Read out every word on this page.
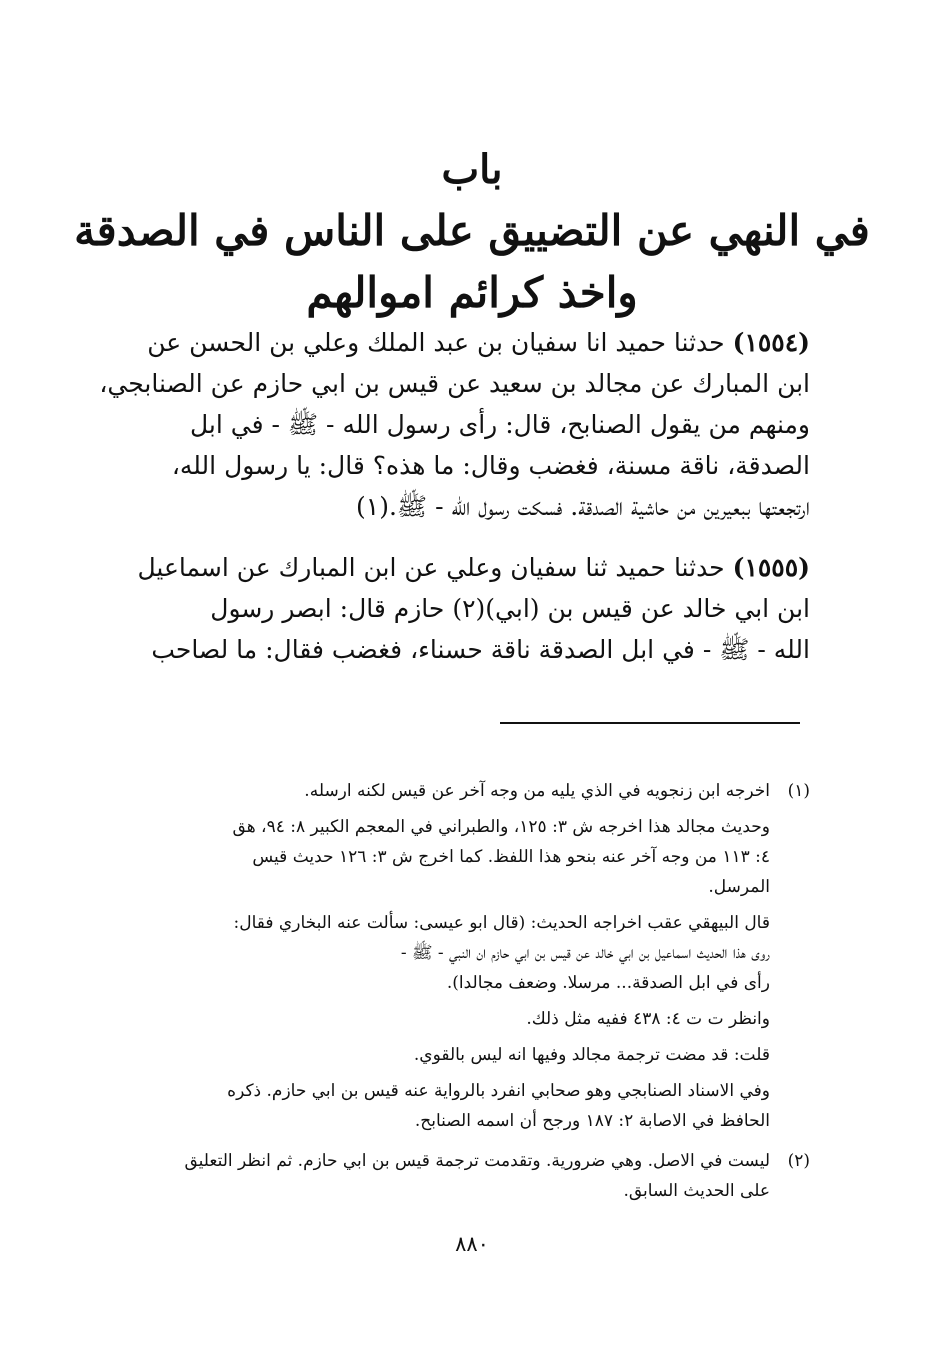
باب
في النهي عن التضييق على الناس في الصدقة
واخذ كرائم اموالهم
(١٥٥٤) حدثنا حميد انا سفيان بن عبد الملك وعلي بن الحسن عن
ابن المبارك عن مجالد بن سعيد عن قيس بن ابي حازم عن الصنابجي،
ومنهم من يقول الصنابح، قال: رأى رسول الله - ﷺ - في ابل
الصدقة، ناقة مسنة، فغضب وقال: ما هذه؟ قال: يا رسول الله،
ارتجعتها ببعيرين من حاشية الصدقة. فسكت رسول الله - ﷺ.(١)
(١٥٥٥) حدثنا حميد ثنا سفيان وعلي عن ابن المبارك عن اسماعيل
ابن ابي خالد عن قيس بن (ابي)(٢) حازم قال: ابصر رسول
الله - ﷺ - في ابل الصدقة ناقة حسناء، فغضب فقال: ما لصاحب
(١)
اخرجه ابن زنجويه في الذي يليه من وجه آخر عن قيس لكنه ارسله.
وحديث مجالد هذا اخرجه ش ٣: ١٢٥، والطبراني في المعجم الكبير ٨: ٩٤، هق
٤: ١١٣ من وجه آخر عنه بنحو هذا اللفظ. كما اخرج ش ٣: ١٢٦ حديث قيس
المرسل.
قال البيهقي عقب اخراجه الحديث: (قال ابو عيسى: سألت عنه البخاري فقال:
روى هذا الحديث اسماعيل بن ابي خالد عن قيس بن ابي حازم ان النبي - ﷺ -
رأى في ابل الصدقة... مرسلا. وضعف مجالدا).
وانظر ت ت ٤: ٤٣٨ ففيه مثل ذلك.
قلت: قد مضت ترجمة مجالد وفيها انه ليس بالقوي.
وفي الاسناد الصنابجي وهو صحابي انفرد بالرواية عنه قيس بن ابي حازم. ذكره
الحافظ في الاصابة ٢: ١٨٧ ورجح أن اسمه الصنابح.
(٢)
ليست في الاصل. وهي ضرورية. وتقدمت ترجمة قيس بن ابي حازم. ثم انظر التعليق
على الحديث السابق.
٨٨٠
